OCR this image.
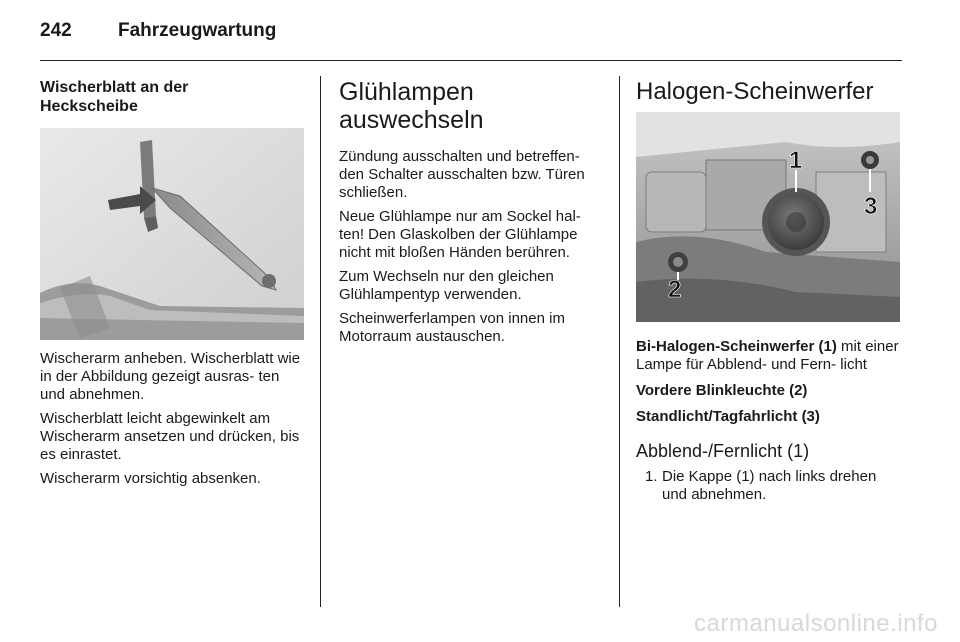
242 Fahrzeugwartung
Wischerblatt an der
Heckscheibe

Wischerarm anheben. Wischerblatt wie in der Abbildung gezeigt ausras‐ ten und abnehmen.

Wischerblatt leicht abgewinkelt am Wischerarm ansetzen und drücken, bis es einrastet.

Wischerarm vorsichtig absenken.

Glühlampen
auswechseln

Zündung ausschalten und betreffen‐ den Schalter ausschalten bzw. Türen schließen.

Neue Glühlampe nur am Sockel hal‐ ten! Den Glaskolben der Glühlampe nicht mit bloßen Händen berühren.

Zum Wechseln nur den gleichen Glühlampentyp verwenden.

Scheinwerferlampen von innen im Motorraum austauschen.

Halogen-Scheinwerfer
1
2
3

Bi-Halogen-Scheinwerfer (1) mit einer Lampe für Abblend- und Fern‐ licht

Vordere Blinkleuchte (2)

Standlicht/Tagfahrlicht (3)

Abblend-/Fernlicht (1)
1. Die Kappe (1) nach links drehen und abnehmen.
carmanualsonline.info
